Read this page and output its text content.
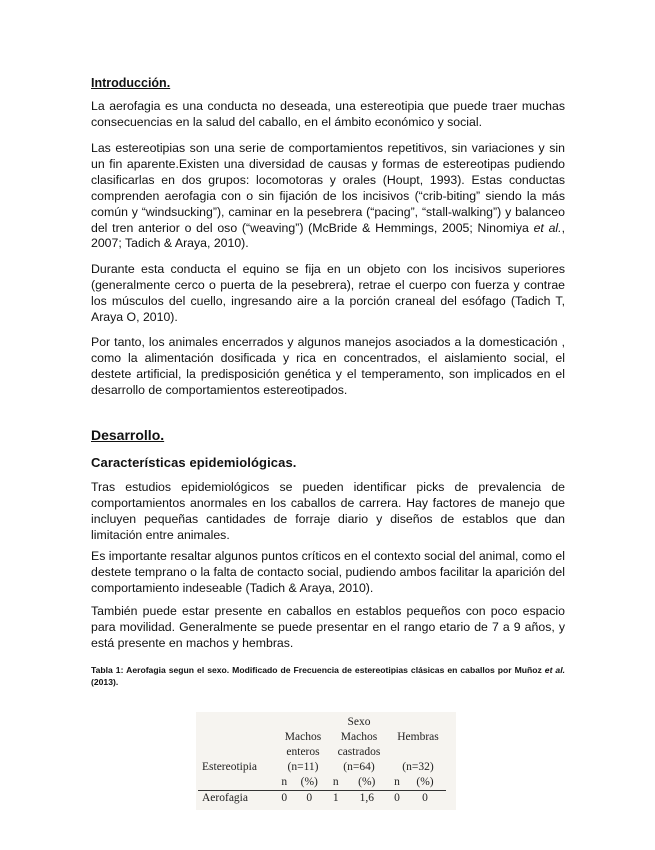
Introducción.

La aerofagia es una conducta no deseada, una estereotipia que puede traer muchas consecuencias en la salud del caballo, en el ámbito económico y social.

Las estereotipias son una serie de comportamientos repetitivos, sin variaciones y sin un fin aparente.Existen una diversidad de causas y formas de estereotipas pudiendo clasificarlas en dos grupos: locomotoras y orales (Houpt, 1993). Estas conductas comprenden aerofagia con o sin fijación de los incisivos (“crib-biting” siendo la más común y “windsucking”), caminar en la pesebrera (“pacing”, “stall-walking”) y balanceo del tren anterior o del oso (“weaving”) (McBride & Hemmings, 2005; Ninomiya et al., 2007; Tadich & Araya, 2010).

Durante esta conducta el equino se fija en un objeto con los incisivos superiores (generalmente cerco o puerta de la pesebrera), retrae el cuerpo con fuerza y contrae los músculos del cuello, ingresando aire a la porción craneal del esófago (Tadich T, Araya O, 2010).

Por tanto, los animales encerrados y algunos manejos asociados a la domesticación , como la alimentación dosificada y rica en concentrados, el aislamiento social, el destete artificial, la predisposición genética y el temperamento, son implicados en el desarrollo de comportamientos estereotipados.

Desarrollo.
Características epidemiológicas.

Tras estudios epidemiológicos se pueden identificar picks de prevalencia de comportamientos anormales en los caballos de carrera. Hay factores de manejo que incluyen pequeñas cantidades de forraje diario y diseños de establos que dan limitación entre animales.

Es importante resaltar algunos puntos críticos en el contexto social del animal, como el destete temprano o la falta de contacto social, pudiendo ambos facilitar la aparición del comportamiento indeseable (Tadich & Araya, 2010).

También puede estar presente en caballos en establos pequeños con poco espacio para movilidad. Generalmente se puede presentar en el rango etario de 7 a 9 años, y está presente en machos y hembras.

Tabla 1: Aerofagia segun el sexo. Modificado de Frecuencia de estereotipias clásicas en caballos por Muñoz et al. (2013).

			Sexo			
	Machos		Machos		Hembras	
	enteros		castrados			
Estereotipia	(n=11)		(n=64)		(n=32)	
	n	(%)	n	(%)	n	(%)
Aerofagia	0	0	1	1,6	0	0
